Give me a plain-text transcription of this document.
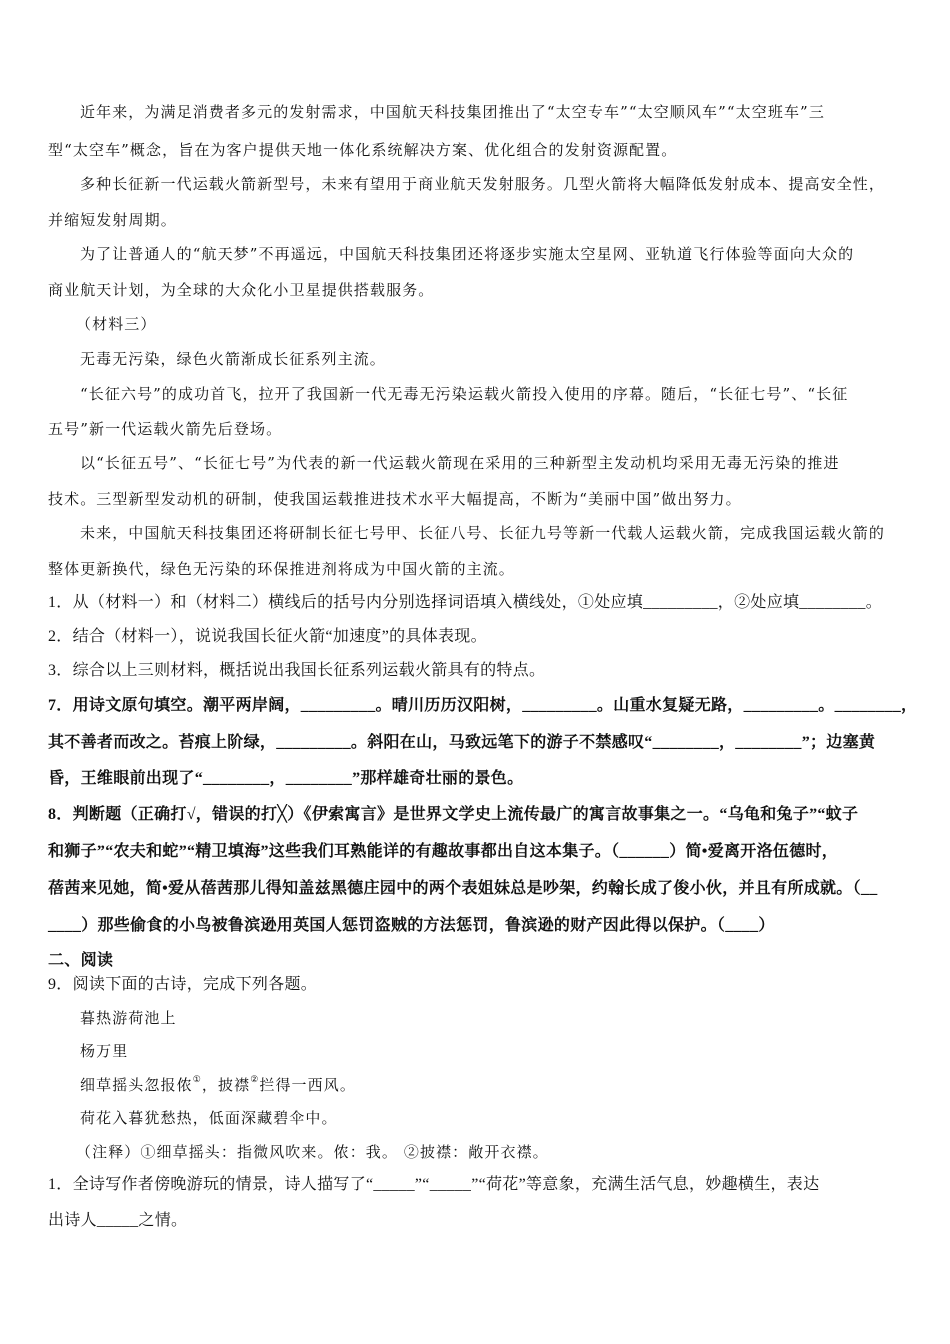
近年来，为满足消费者多元的发射需求，中国航天科技集团推出了“太空专车”“太空顺风车”“太空班车”三
型“太空车”概念，旨在为客户提供天地一体化系统解决方案、优化组合的发射资源配置。
多种长征新一代运载火箭新型号，未来有望用于商业航天发射服务。几型火箭将大幅降低发射成本、提高安全性，
并缩短发射周期。
为了让普通人的“航天梦”不再遥远，中国航天科技集团还将逐步实施太空星网、亚轨道飞行体验等面向大众的
商业航天计划，为全球的大众化小卫星提供搭载服务。
（材料三）
无毒无污染，绿色火箭渐成长征系列主流。
“长征六号”的成功首飞，拉开了我国新一代无毒无污染运载火箭投入使用的序幕。随后，“长征七号”、“长征
五号”新一代运载火箭先后登场。
以“长征五号”、“长征七号”为代表的新一代运载火箭现在采用的三种新型主发动机均采用无毒无污染的推进
技术。三型新型发动机的研制，使我国运载推进技术水平大幅提高，不断为“美丽中国”做出努力。
未来，中国航天科技集团还将研制长征七号甲、长征八号、长征九号等新一代载人运载火箭，完成我国运载火箭的
整体更新换代，绿色无污染的环保推进剂将成为中国火箭的主流。
1．从（材料一）和（材料二）横线后的括号内分别选择词语填入横线处，①处应填_________，②处应填________。
2．结合（材料一），说说我国长征火箭“加速度”的具体表现。
3．综合以上三则材料，概括说出我国长征系列运载火箭具有的特点。
7．用诗文原句填空。潮平两岸阔，_________。晴川历历汉阳树，_________。山重水复疑无路，_________。________，
其不善者而改之。苔痕上阶绿，_________。斜阳在山，马致远笔下的游子不禁感叹“________，________”；边塞黄
昏，王维眼前出现了“________，________”那样雄奇壮丽的景色。
8．判断题（正确打√，错误的打╳）《伊索寓言》是世界文学史上流传最广的寓言故事集之一。“乌龟和兔子”“蚊子
和狮子”“农夫和蛇”“精卫填海”这些我们耳熟能详的有趣故事都出自这本集子。（______）简•爱离开洛伍德时，
蓓茜来见她，简•爱从蓓茜那儿得知盖兹黑德庄园中的两个表姐妹总是吵架，约翰长成了俊小伙，并且有所成就。（__
____）那些偷食的小鸟被鲁滨逊用英国人惩罚盗贼的方法惩罚，鲁滨逊的财产因此得以保护。（____）
二、阅读
9．阅读下面的古诗，完成下列各题。
暮热游荷池上
杨万里
细草摇头忽报侬①，披襟②拦得一西风。
荷花入暮犹愁热，低面深藏碧伞中。
（注释）①细草摇头：指微风吹来。侬：我。 ②披襟：敞开衣襟。
1．全诗写作者傍晚游玩的情景，诗人描写了“_____”“_____”“荷花”等意象，充满生活气息，妙趣横生，表达
出诗人_____之情。
